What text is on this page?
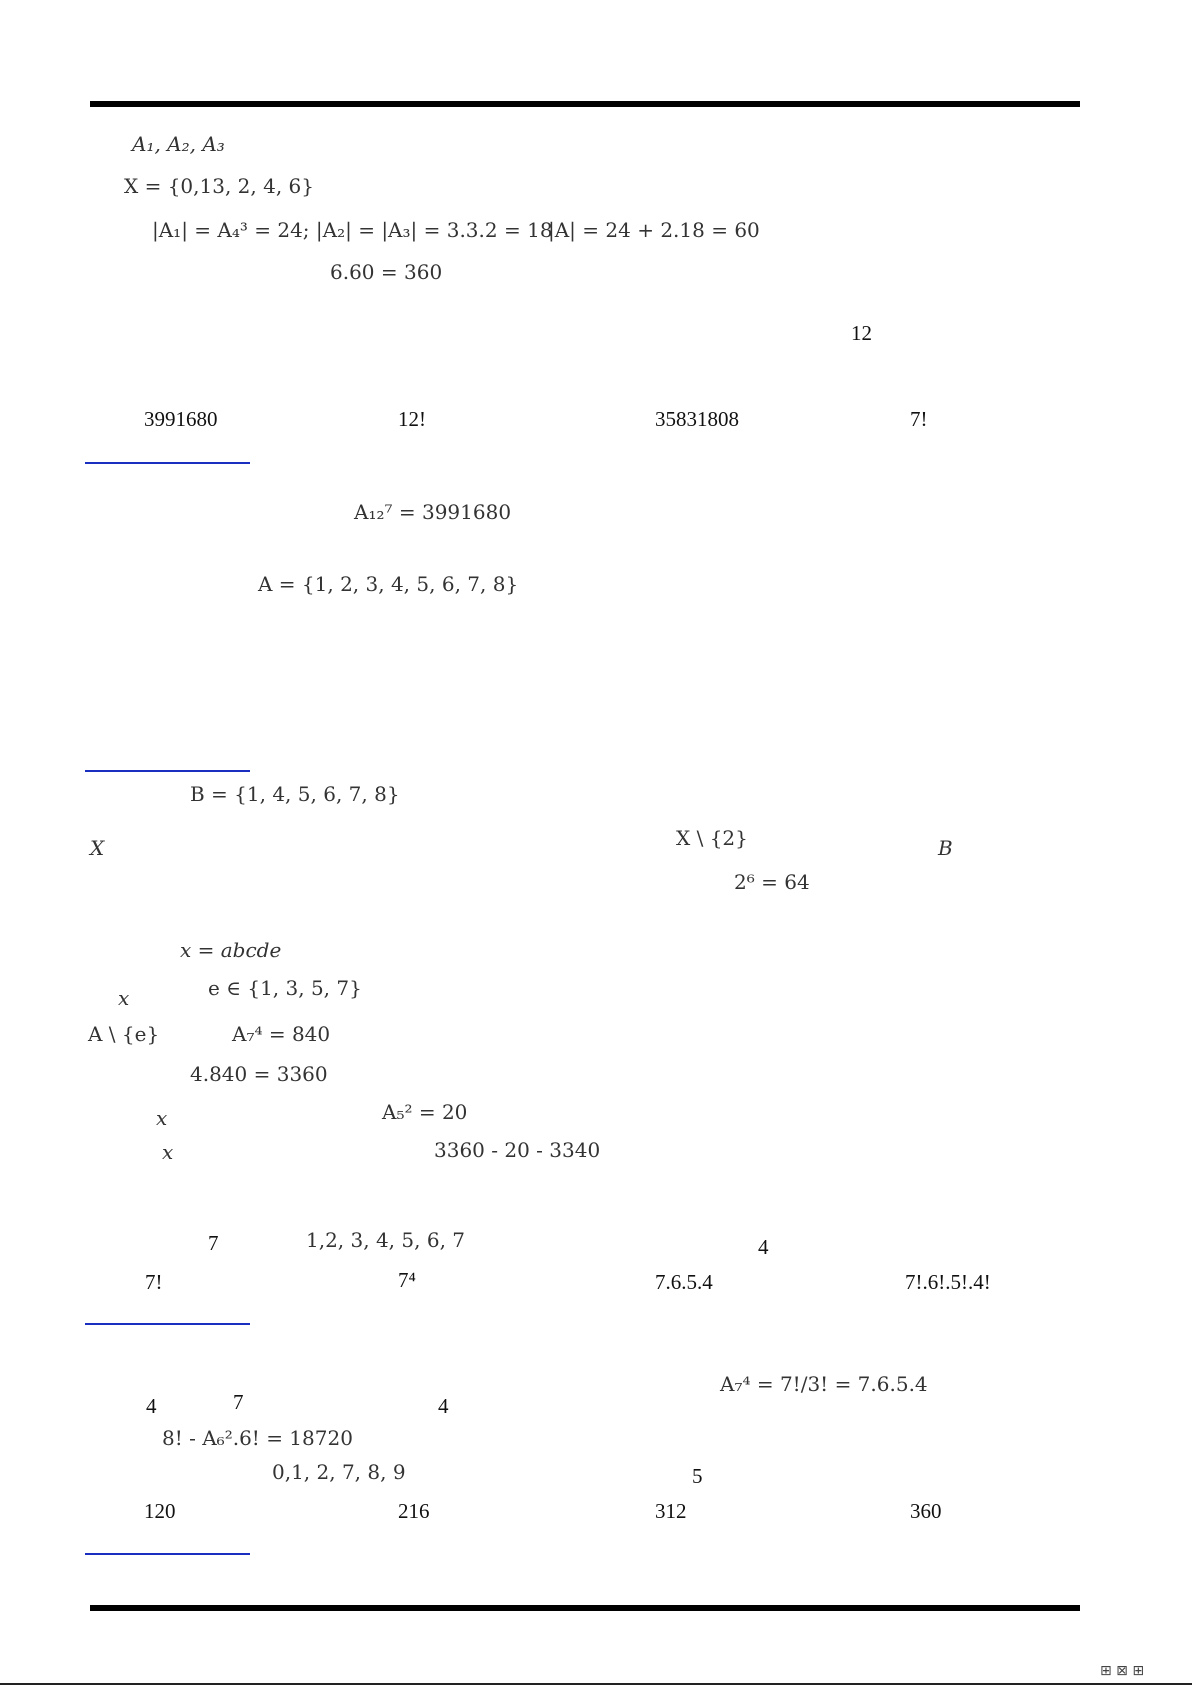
A₁, A₂, A₃
X = {0,13, 2, 4, 6}
|A₁| = A₄³ = 24; |A₂| = |A₃| = 3.3.2 = 18
|A| = 24 + 2.18 = 60
6.60 = 360
12
3991680	12!	35831808	7!
A₁₂⁷ = 3991680
A = {1, 2, 3, 4, 5, 6, 7, 8}
B = {1, 4, 5, 6, 7, 8}
X	X \ {2}	B
2⁶ = 64
x = abcde
x	e ∈ {1, 3, 5, 7}
A \ {e}	A₇⁴ = 840
4.840 = 3360
x	A₅² = 20
x	3360 - 20 - 3340
7	1,2, 3, 4, 5, 6, 7	4
7!	7⁴	7.6.5.4	7!.6!.5!.4!
A₇⁴ = 7!/3! = 7.6.5.4
4	7	4
8! - A₆².6! = 18720
0,1, 2, 7, 8, 9	5
120	216	312	360
⊞ ⊠ ⊞
